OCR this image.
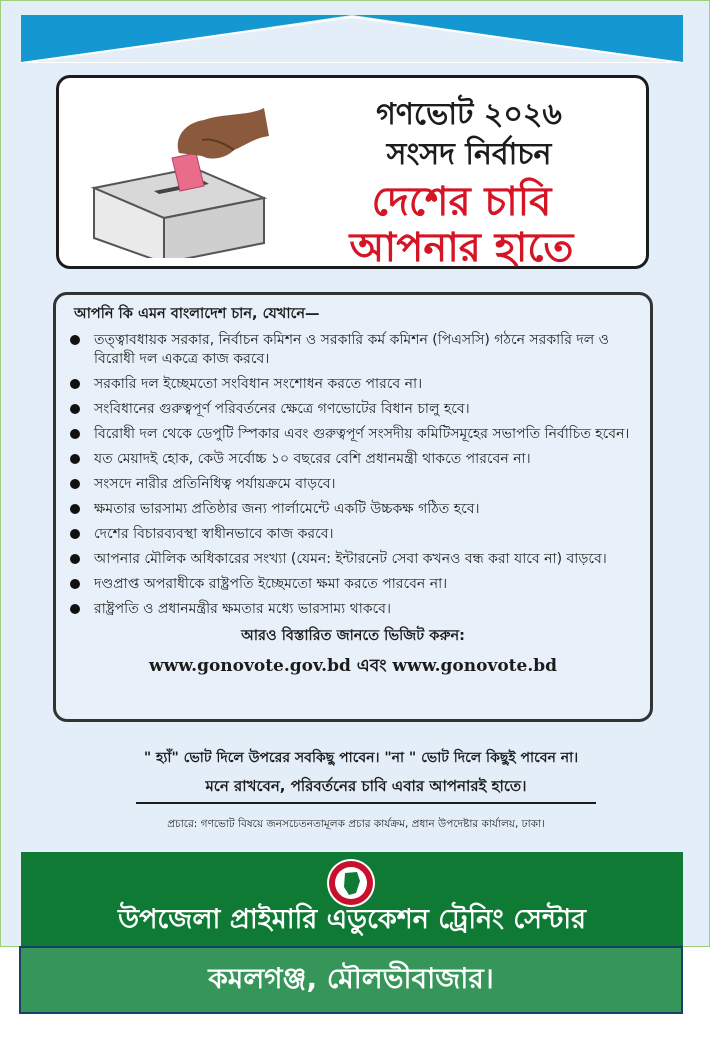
গণভোট ২০২৬
সংসদ নির্বাচন
দেশের চাবি
আপনার হাতে
আপনি কি এমন বাংলাদেশ চান, যেখানে—
তত্ত্বাবধায়ক সরকার, নির্বাচন কমিশন ও সরকারি কর্ম কমিশন (পিএসসি) গঠনে সরকারি দল ও বিরোধী দল একত্রে কাজ করবে।
সরকারি দল ইচ্ছেমতো সংবিধান সংশোধন করতে পারবে না।
সংবিধানের গুরুত্বপূর্ণ পরিবর্তনের ক্ষেত্রে গণভোটের বিধান চালু হবে।
বিরোধী দল থেকে ডেপুটি স্পিকার এবং গুরুত্বপূর্ণ সংসদীয় কমিটিসমূহের সভাপতি নির্বাচিত হবেন।
যত মেয়াদই হোক, কেউ সর্বোচ্চ ১০ বছরের বেশি প্রধানমন্ত্রী থাকতে পারবেন না।
সংসদে নারীর প্রতিনিধিত্ব পর্যায়ক্রমে বাড়বে।
ক্ষমতার ভারসাম্য প্রতিষ্ঠার জন্য পার্লামেন্টে একটি উচ্চকক্ষ গঠিত হবে।
দেশের বিচারব্যবস্থা স্বাধীনভাবে কাজ করবে।
আপনার মৌলিক অধিকারের সংখ্যা (যেমন: ইন্টারনেট সেবা কখনও বন্ধ করা যাবে না) বাড়বে।
দণ্ডপ্রাপ্ত অপরাধীকে রাষ্ট্রপতি ইচ্ছেমতো ক্ষমা করতে পারবেন না।
রাষ্ট্রপতি ও প্রধানমন্ত্রীর ক্ষমতার মধ্যে ভারসাম্য থাকবে।
আরও বিস্তারিত জানতে ভিজিট করুন:
www.gonovote.gov.bd এবং www.gonovote.bd
" হ্যাঁ" ভোট দিলে উপরের সবকিছু পাবেন। "না " ভোট দিলে কিছুই পাবেন না।
মনে রাখবেন, পরিবর্তনের চাবি এবার আপনারই হাতে।
প্রচারে: গণভোট বিষয়ে জনসচেতনতামূলক প্রচার কার্যক্রম, প্রধান উপদেষ্টার কার্যালয়, ঢাকা।
উপজেলা প্রাইমারি এডুকেশন ট্রেনিং সেন্টার
কমলগঞ্জ, মৌলভীবাজার।
